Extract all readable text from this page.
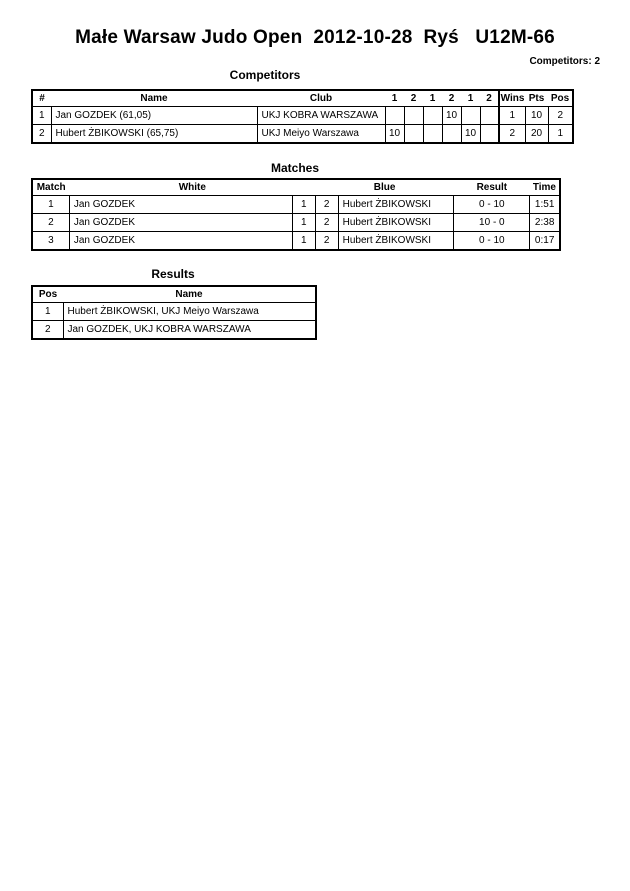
Małe Warsaw Judo Open  2012-10-28  Ryś   U12M-66
Competitors: 2
Competitors
#	Name	Club	1	2	1	2	1	2	Wins	Pts	Pos
1	Jan GOZDEK (61,05)	UKJ KOBRA WARSZAWA				10			1	10	2
2	Hubert ŻBIKOWSKI (65,75)	UKJ Meiyo Warszawa	10				10		2	20	1
Matches
Match	White		Blue		Result	Time
1	Jan GOZDEK	1	2	Hubert ŻBIKOWSKI	0 - 10	1:51
2	Jan GOZDEK	1	2	Hubert ŻBIKOWSKI	10 - 0	2:38
3	Jan GOZDEK	1	2	Hubert ŻBIKOWSKI	0 - 10	0:17
Results
Pos	Name
1	Hubert ŻBIKOWSKI, UKJ Meiyo Warszawa
2	Jan GOZDEK, UKJ KOBRA WARSZAWA
